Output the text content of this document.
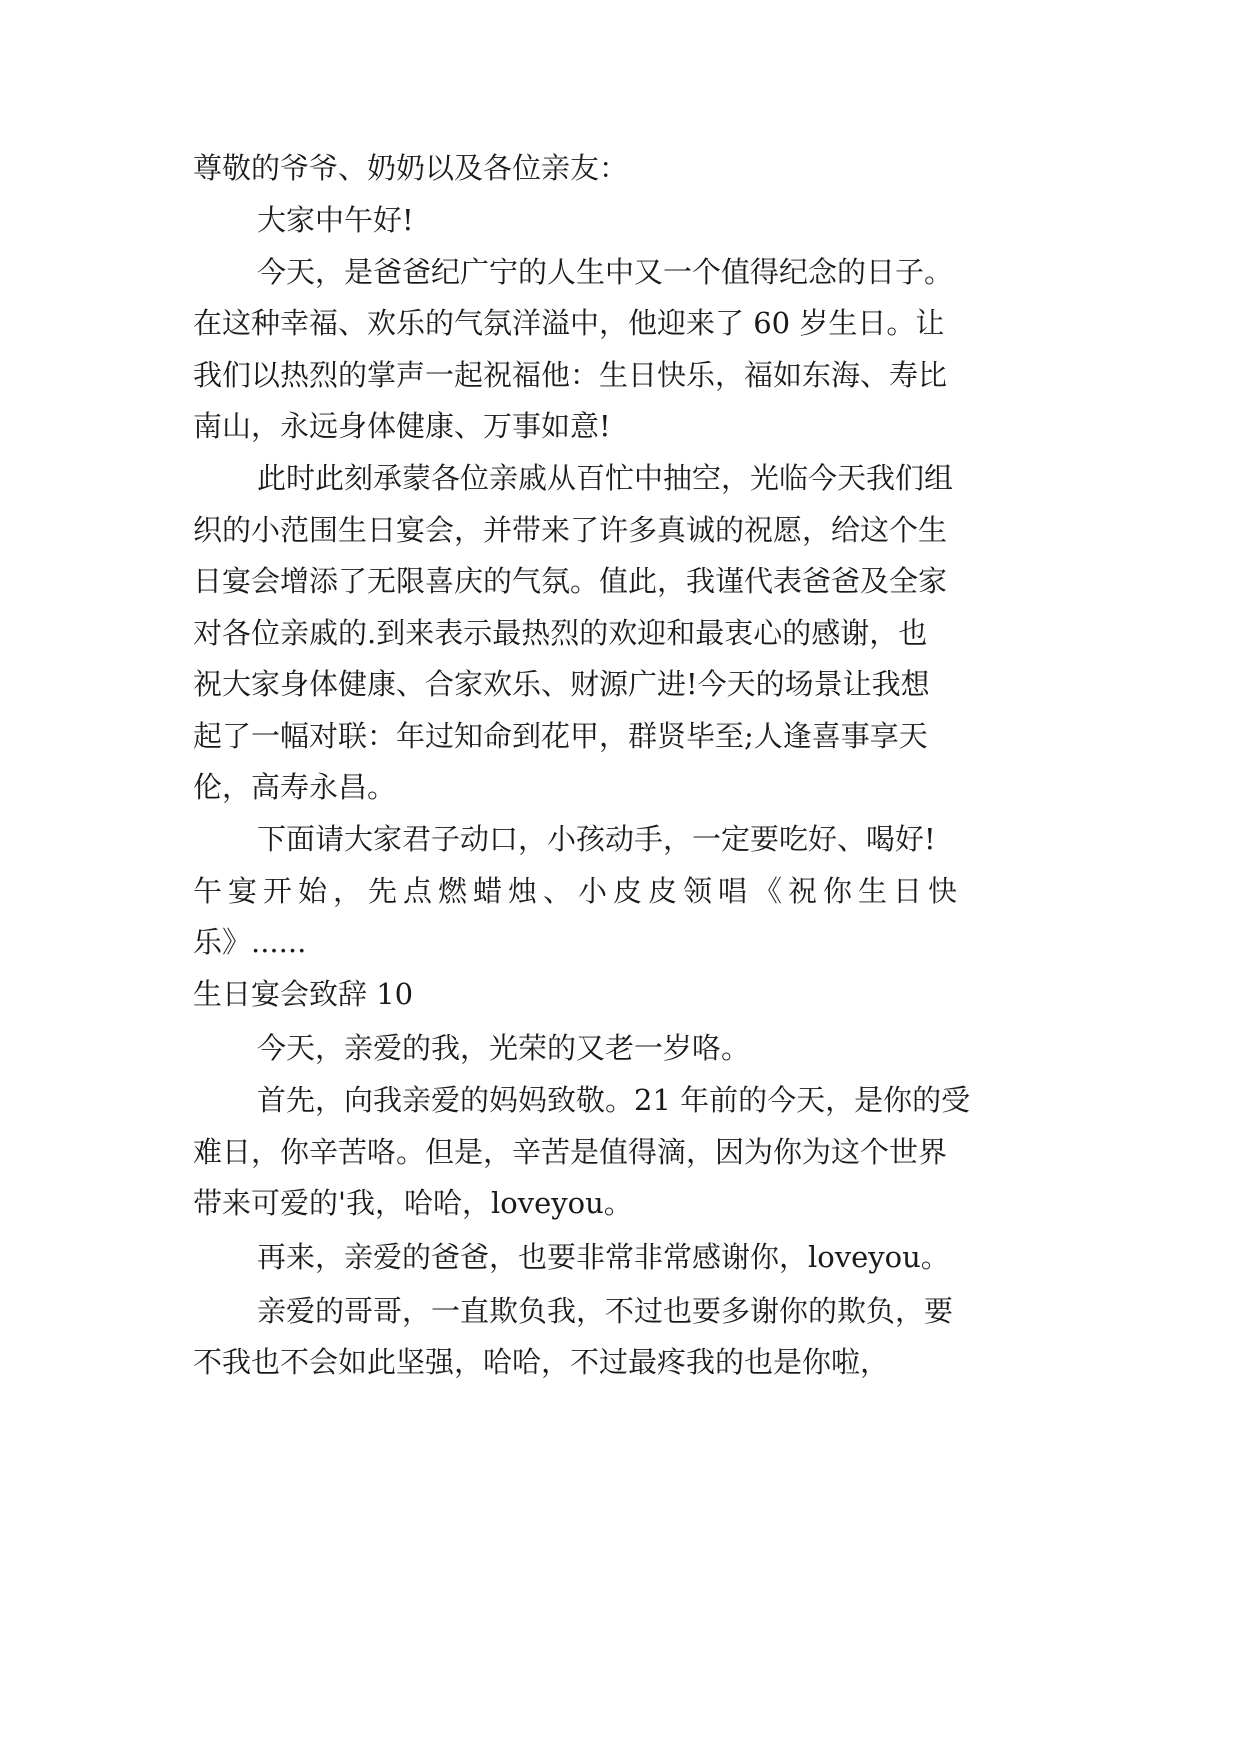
尊敬的爷爷、奶奶以及各位亲友：
大家中午好!
今天，是爸爸纪广宁的人生中又一个值得纪念的日子。
在这种幸福、欢乐的气氛洋溢中，他迎来了 60 岁生日。让
我们以热烈的掌声一起祝福他：生日快乐，福如东海、寿比
南山，永远身体健康、万事如意!
此时此刻承蒙各位亲戚从百忙中抽空，光临今天我们组
织的小范围生日宴会，并带来了许多真诚的祝愿，给这个生
日宴会增添了无限喜庆的气氛。值此，我谨代表爸爸及全家
对各位亲戚的.到来表示最热烈的欢迎和最衷心的感谢，也
祝大家身体健康、合家欢乐、财源广进!今天的场景让我想
起了一幅对联：年过知命到花甲，群贤毕至;人逢喜事享天
伦，高寿永昌。
下面请大家君子动口，小孩动手，一定要吃好、喝好!
午宴开始，先点燃蜡烛、小皮皮领唱《祝你生日快
乐》......
生日宴会致辞 10
今天，亲爱的我，光荣的又老一岁咯。
首先，向我亲爱的妈妈致敬。21 年前的今天，是你的受
难日，你辛苦咯。但是，辛苦是值得滴，因为你为这个世界
带来可爱的'我，哈哈，loveyou。
再来，亲爱的爸爸，也要非常非常感谢你，loveyou。
亲爱的哥哥，一直欺负我，不过也要多谢你的欺负，要
不我也不会如此坚强，哈哈，不过最疼我的也是你啦，
